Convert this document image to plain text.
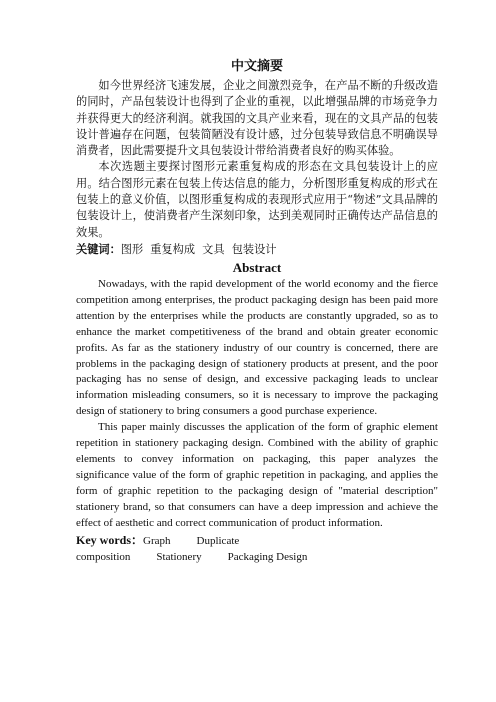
中文摘要

如今世界经济飞速发展，企业之间激烈竞争，在产品不断的升级改造的同时，产品包装设计也得到了企业的重视，以此增强品牌的市场竞争力并获得更大的经济利润。就我国的文具产业来看，现在的文具产品的包装设计普遍存在问题，包装简陋没有设计感，过分包装导致信息不明确误导消费者，因此需要提升文具包装设计带给消费者良好的购买体验。

本次选题主要探讨图形元素重复构成的形态在文具包装设计上的应用。结合图形元素在包装上传达信息的能力，分析图形重复构成的形式在包装上的意义价值，以图形重复构成的表现形式应用于“物述”文具品牌的包装设计上，使消费者产生深刻印象，达到美观同时正确传达产品信息的效果。

关键词：图形 重复构成 文具 包装设计

Abstract

Nowadays, with the rapid development of the world economy and the fierce competition among enterprises, the product packaging design has been paid more attention by the enterprises while the products are constantly upgraded, so as to enhance the market competitiveness of the brand and obtain greater economic profits. As far as the stationery industry of our country is concerned, there are problems in the packaging design of stationery products at present, and the poor packaging has no sense of design, and excessive packaging leads to unclear information misleading consumers, so it is necessary to improve the packaging design of stationery to bring consumers a good purchase experience.

This paper mainly discusses the application of the form of graphic element repetition in stationery packaging design. Combined with the ability of graphic elements to convey information on packaging, this paper analyzes the significance value of the form of graphic repetition in packaging, and applies the form of graphic repetition to the packaging design of "material description" stationery brand, so that consumers can have a deep impression and achieve the effect of aesthetic and correct communication of product information.

Key words：Graph Duplicate composition Stationery Packaging Design
